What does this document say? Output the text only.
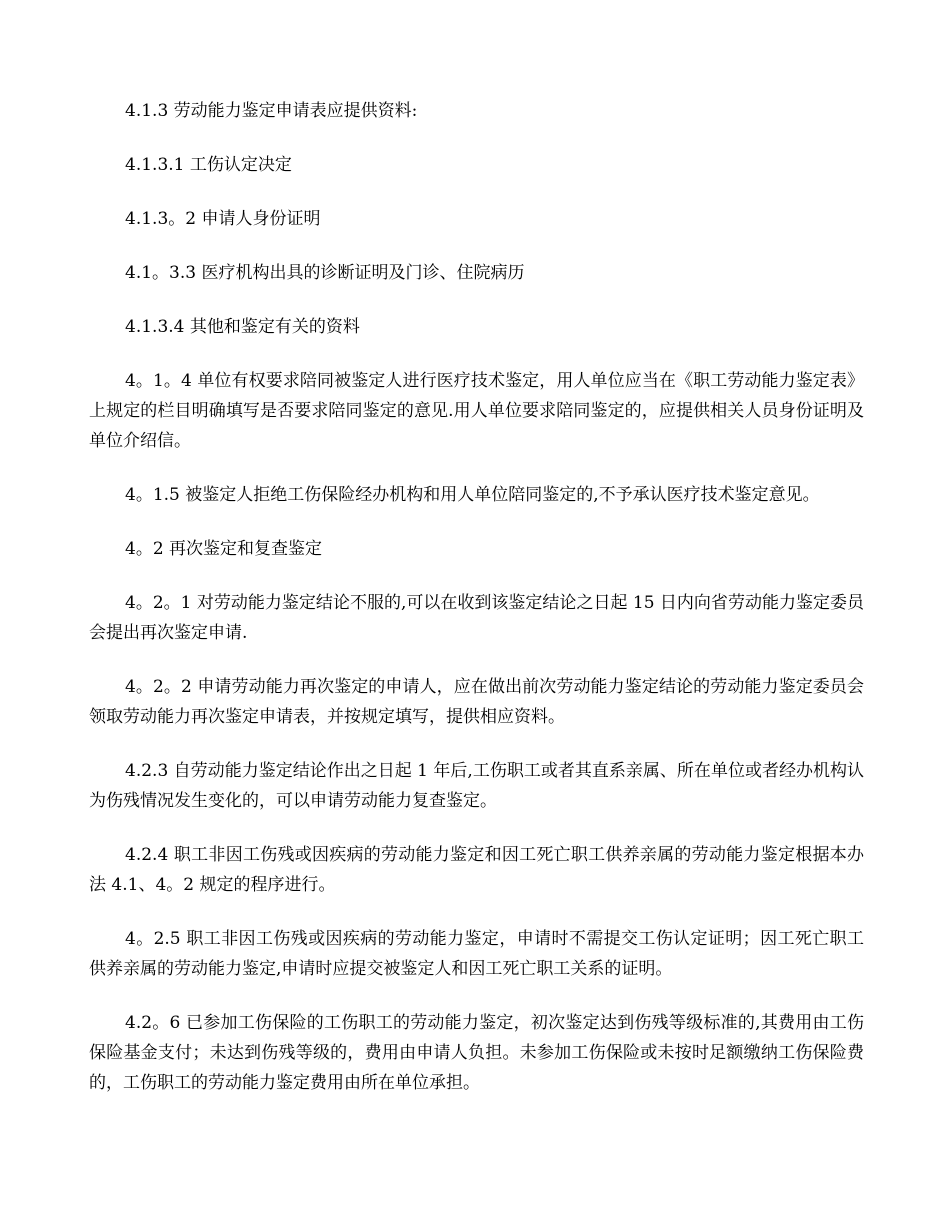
4.1.3 劳动能力鉴定申请表应提供资料:

4.1.3.1 工伤认定决定

4.1.3。2 申请人身份证明

4.1。3.3 医疗机构出具的诊断证明及门诊、住院病历

4.1.3.4 其他和鉴定有关的资料

4。1。4 单位有权要求陪同被鉴定人进行医疗技术鉴定，用人单位应当在《职工劳动能力鉴定表》上规定的栏目明确填写是否要求陪同鉴定的意见.用人单位要求陪同鉴定的，应提供相关人员身份证明及单位介绍信。

4。1.5 被鉴定人拒绝工伤保险经办机构和用人单位陪同鉴定的,不予承认医疗技术鉴定意见。

4。2 再次鉴定和复查鉴定

4。2。1 对劳动能力鉴定结论不服的,可以在收到该鉴定结论之日起 15 日内向省劳动能力鉴定委员会提出再次鉴定申请.

4。2。2 申请劳动能力再次鉴定的申请人，应在做出前次劳动能力鉴定结论的劳动能力鉴定委员会领取劳动能力再次鉴定申请表，并按规定填写，提供相应资料。

4.2.3 自劳动能力鉴定结论作出之日起 1 年后,工伤职工或者其直系亲属、所在单位或者经办机构认为伤残情况发生变化的，可以申请劳动能力复查鉴定。

4.2.4 职工非因工伤残或因疾病的劳动能力鉴定和因工死亡职工供养亲属的劳动能力鉴定根据本办法 4.1、4。2 规定的程序进行。

4。2.5 职工非因工伤残或因疾病的劳动能力鉴定，申请时不需提交工伤认定证明；因工死亡职工供养亲属的劳动能力鉴定,申请时应提交被鉴定人和因工死亡职工关系的证明。

4.2。6 已参加工伤保险的工伤职工的劳动能力鉴定，初次鉴定达到伤残等级标准的,其费用由工伤保险基金支付；未达到伤残等级的，费用由申请人负担。未参加工伤保险或未按时足额缴纳工伤保险费的，工伤职工的劳动能力鉴定费用由所在单位承担。
